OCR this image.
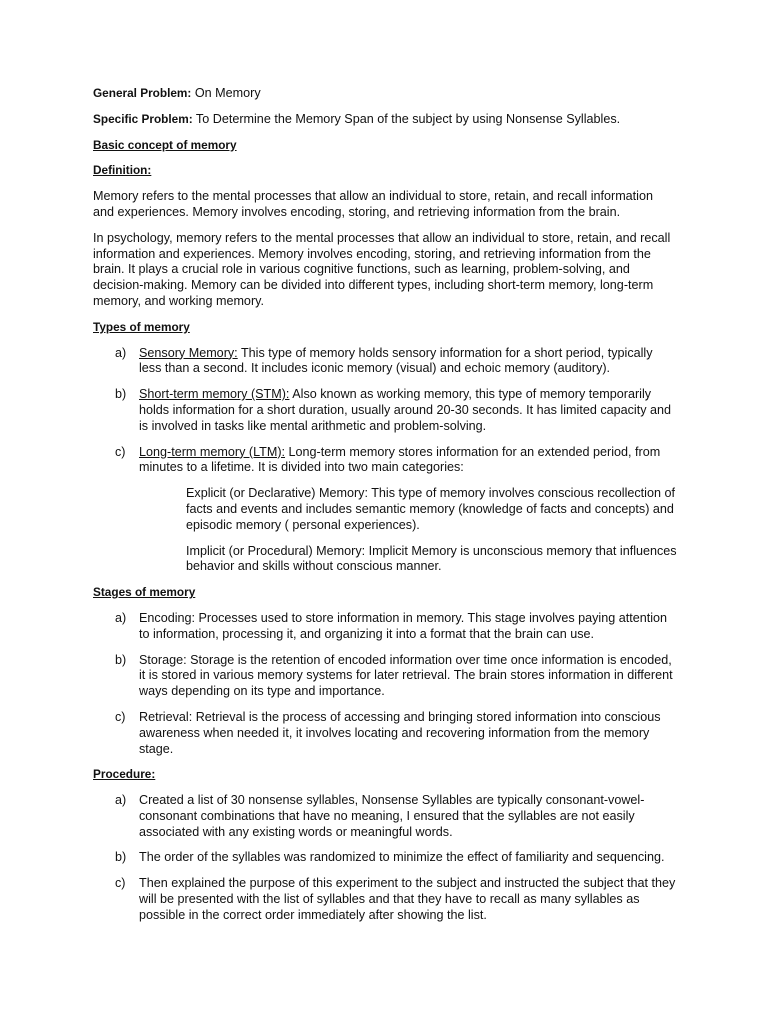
General Problem: On Memory

Specific Problem: To Determine the Memory Span of the subject by using Nonsense Syllables.

Basic concept of memory

Definition:

Memory refers to the mental processes that allow an individual to store, retain, and recall information and experiences. Memory involves encoding, storing, and retrieving information from the brain.

In psychology, memory refers to the mental processes that allow an individual to store, retain, and recall information and experiences. Memory involves encoding, storing, and retrieving information from the brain. It plays a crucial role in various cognitive functions, such as learning, problem-solving, and decision-making. Memory can be divided into different types, including short-term memory, long-term memory, and working memory.

Types of memory

a) Sensory Memory: This type of memory holds sensory information for a short period, typically less than a second. It includes iconic memory (visual) and echoic memory (auditory).
b) Short-term memory (STM): Also known as working memory, this type of memory temporarily holds information for a short duration, usually around 20-30 seconds. It has limited capacity and is involved in tasks like mental arithmetic and problem-solving.
c) Long-term memory (LTM): Long-term memory stores information for an extended period, from minutes to a lifetime. It is divided into two main categories:

Explicit (or Declarative) Memory: This type of memory involves conscious recollection of facts and events and includes semantic memory (knowledge of facts and concepts) and episodic memory ( personal experiences).

Implicit (or Procedural) Memory: Implicit Memory is unconscious memory that influences behavior and skills without conscious manner.

Stages of memory

a) Encoding: Processes used to store information in memory. This stage involves paying attention to information, processing it, and organizing it into a format that the brain can use.
b) Storage: Storage is the retention of encoded information over time once information is encoded, it is stored in various memory systems for later retrieval. The brain stores information in different ways depending on its type and importance.
c) Retrieval: Retrieval is the process of accessing and bringing stored information into conscious awareness when needed it, it involves locating and recovering information from the memory stage.

Procedure:

a) Created a list of 30 nonsense syllables, Nonsense Syllables are typically consonant-vowel-consonant combinations that have no meaning, I ensured that the syllables are not easily associated with any existing words or meaningful words.
b) The order of the syllables was randomized to minimize the effect of familiarity and sequencing.
c) Then explained the purpose of this experiment to the subject and instructed the subject that they will be presented with the list of syllables and that they have to recall as many syllables as possible in the correct order immediately after showing the list.
